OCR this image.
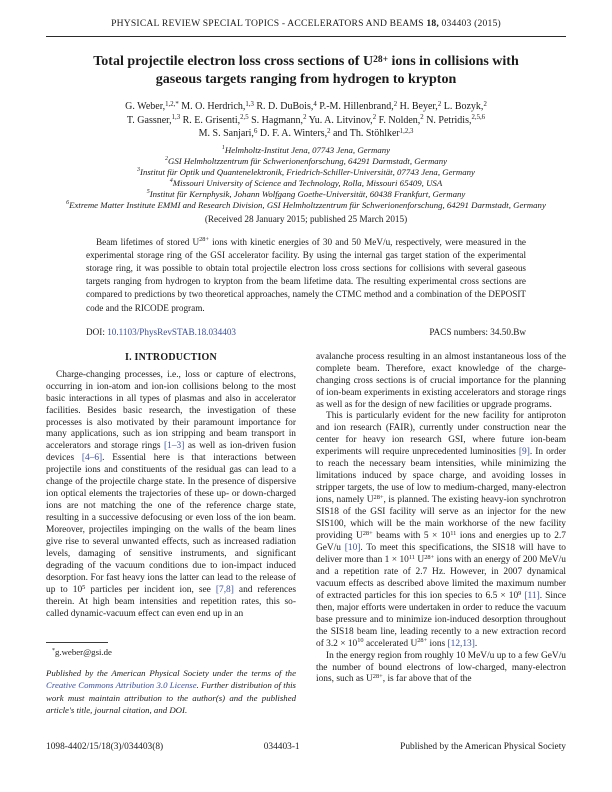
PHYSICAL REVIEW SPECIAL TOPICS - ACCELERATORS AND BEAMS 18, 034403 (2015)
Total projectile electron loss cross sections of $U^{28+}$ ions in collisions with
gaseous targets ranging from hydrogen to krypton
G. Weber,$^{1,2,*}$ M. O. Herdrich,$^{1,3}$ R. D. DuBois,$^4$ P.-M. Hillenbrand,$^2$ H. Beyer,$^2$ L. Bozyk,$^2$
T. Gassner,$^{1,3}$ R. E. Grisenti,$^{2,5}$ S. Hagmann,$^2$ Yu. A. Litvinov,$^2$ F. Nolden,$^2$ N. Petridis,$^{2,5,6}$
M. S. Sanjari,$^6$ D. F. A. Winters,$^2$ and Th. Stöhlker$^{1,2,3}$
$^1$Helmholtz-Institut Jena, 07743 Jena, Germany
$^2$GSI Helmholtzzentrum für Schwerionenforschung, 64291 Darmstadt, Germany
$^3$Institut für Optik und Quantenelektronik, Friedrich-Schiller-Universität, 07743 Jena, Germany
$^4$Missouri University of Science and Technology, Rolla, Missouri 65409, USA
$^5$Institut für Kernphysik, Johann Wolfgang Goethe-Universität, 60438 Frankfurt, Germany
$^6$Extreme Matter Institute EMMI and Research Division, GSI Helmholtzzentrum für Schwerionenforschung, 64291 Darmstadt, Germany
(Received 28 January 2015; published 25 March 2015)
Beam lifetimes of stored $U^{28+}$ ions with kinetic energies of 30 and 50 MeV/u, respectively, were measured in the experimental storage ring of the GSI accelerator facility. By using the internal gas target station of the experimental storage ring, it was possible to obtain total projectile electron loss cross sections for collisions with several gaseous targets ranging from hydrogen to krypton from the beam lifetime data. The resulting experimental cross sections are compared to predictions by two theoretical approaches, namely the CTMC method and a combination of the DEPOSIT code and the RICODE program.
DOI: 10.1103/PhysRevSTAB.18.034403	PACS numbers: 34.50.Bw
I. INTRODUCTION

Charge-changing processes, i.e., loss or capture of electrons, occurring in ion-atom and ion-ion collisions belong to the most basic interactions in all types of plasmas and also in accelerator facilities. Besides basic research, the investigation of these processes is also motivated by their paramount importance for many applications, such as ion stripping and beam transport in accelerators and storage rings [1–3] as well as ion-driven fusion devices [4–6]. Essential here is that interactions between projectile ions and constituents of the residual gas can lead to a change of the projectile charge state. In the presence of dispersive ion optical elements the trajectories of these up- or down-charged ions are not matching the one of the reference charge state, resulting in a successive defocusing or even loss of the ion beam. Moreover, projectiles impinging on the walls of the beam lines give rise to several unwanted effects, such as increased radiation levels, damaging of sensitive instruments, and significant degrading of the vacuum conditions due to ion-impact induced desorption. For fast heavy ions the latter can lead to the release of up to $10^5$ particles per incident ion, see [7,8] and references therein. At high beam intensities and repetition rates, this so-called dynamic-vacuum effect can even end up in an

*g.weber@gsi.de

Published by the American Physical Society under the terms of the Creative Commons Attribution 3.0 License. Further distribution of this work must maintain attribution to the author(s) and the published article's title, journal citation, and DOI.

avalanche process resulting in an almost instantaneous loss of the complete beam. Therefore, exact knowledge of the charge-changing cross sections is of crucial importance for the planning of ion-beam experiments in existing accelerators and storage rings as well as for the design of new facilities or upgrade programs.

This is particularly evident for the new facility for antiproton and ion research (FAIR), currently under construction near the center for heavy ion research GSI, where future ion-beam experiments will require unprecedented luminosities [9]. In order to reach the necessary beam intensities, while minimizing the limitations induced by space charge, and avoiding losses in stripper targets, the use of low to medium-charged, many-electron ions, namely $U^{28+}$, is planned. The existing heavy-ion synchrotron SIS18 of the GSI facility will serve as an injector for the new SIS100, which will be the main workhorse of the new facility providing $U^{28+}$ beams with $5 \times 10^{11}$ ions and energies up to 2.7 GeV/u [10]. To meet this specifications, the SIS18 will have to deliver more than $1 \times 10^{11}$ $U^{28+}$ ions with an energy of 200 MeV/u and a repetition rate of 2.7 Hz. However, in 2007 dynamical vacuum effects as described above limited the maximum number of extracted particles for this ion species to $6.5 \times 10^9$ [11]. Since then, major efforts were undertaken in order to reduce the vacuum base pressure and to minimize ion-induced desorption throughout the SIS18 beam line, leading recently to a new extraction record of $3.2 \times 10^{10}$ accelerated $U^{28+}$ ions [12,13].

In the energy region from roughly 10 MeV/u up to a few GeV/u the number of bound electrons of low-charged, many-electron ions, such as $U^{28+}$, is far above that of the

1098-4402/15/18(3)/034403(8)	034403-1	Published by the American Physical Society
